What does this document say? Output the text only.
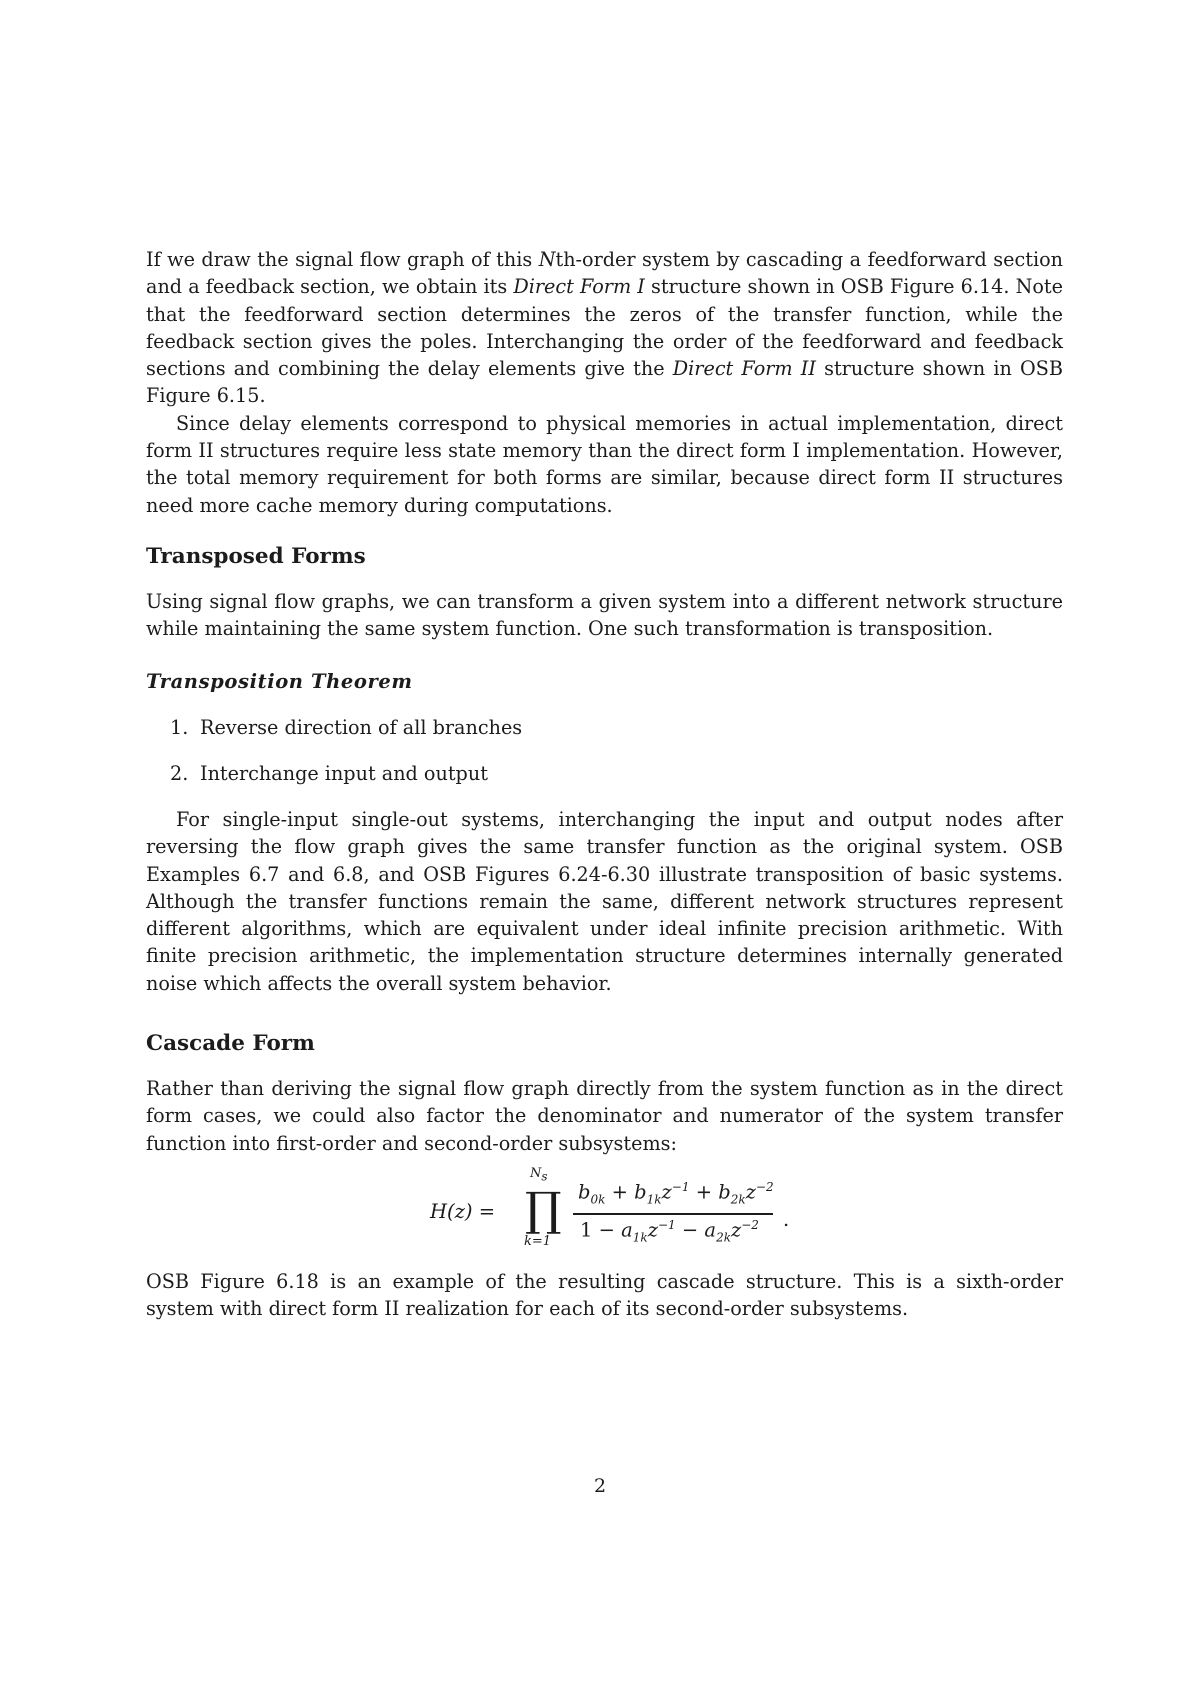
If we draw the signal flow graph of this Nth-order system by cascading a feedforward section and a feedback section, we obtain its Direct Form I structure shown in OSB Figure 6.14. Note that the feedforward section determines the zeros of the transfer function, while the feedback section gives the poles. Interchanging the order of the feedforward and feedback sections and combining the delay elements give the Direct Form II structure shown in OSB Figure 6.15.

Since delay elements correspond to physical memories in actual implementation, direct form II structures require less state memory than the direct form I implementation. However, the total memory requirement for both forms are similar, because direct form II structures need more cache memory during computations.

Transposed Forms

Using signal flow graphs, we can transform a given system into a different network structure while maintaining the same system function. One such transformation is transposition.

Transposition Theorem
1. Reverse direction of all branches
2. Interchange input and output

For single-input single-out systems, interchanging the input and output nodes after reversing the flow graph gives the same transfer function as the original system. OSB Examples 6.7 and 6.8, and OSB Figures 6.24-6.30 illustrate transposition of basic systems. Although the transfer functions remain the same, different network structures represent different algorithms, which are equivalent under ideal infinite precision arithmetic. With finite precision arithmetic, the implementation structure determines internally generated noise which affects the overall system behavior.

Cascade Form

Rather than deriving the signal flow graph directly from the system function as in the direct form cases, we could also factor the denominator and numerator of the system transfer function into first-order and second-order subsystems:

H(z) =
$N_s$
∏
k=1
$b_{0k} + b_{1k}z^{-1} + b_{2k}z^{-2}$
$1 - a_{1k}z^{-1} - a_{2k}z^{-2}$ .

OSB Figure 6.18 is an example of the resulting cascade structure. This is a sixth-order system with direct form II realization for each of its second-order subsystems.

2
